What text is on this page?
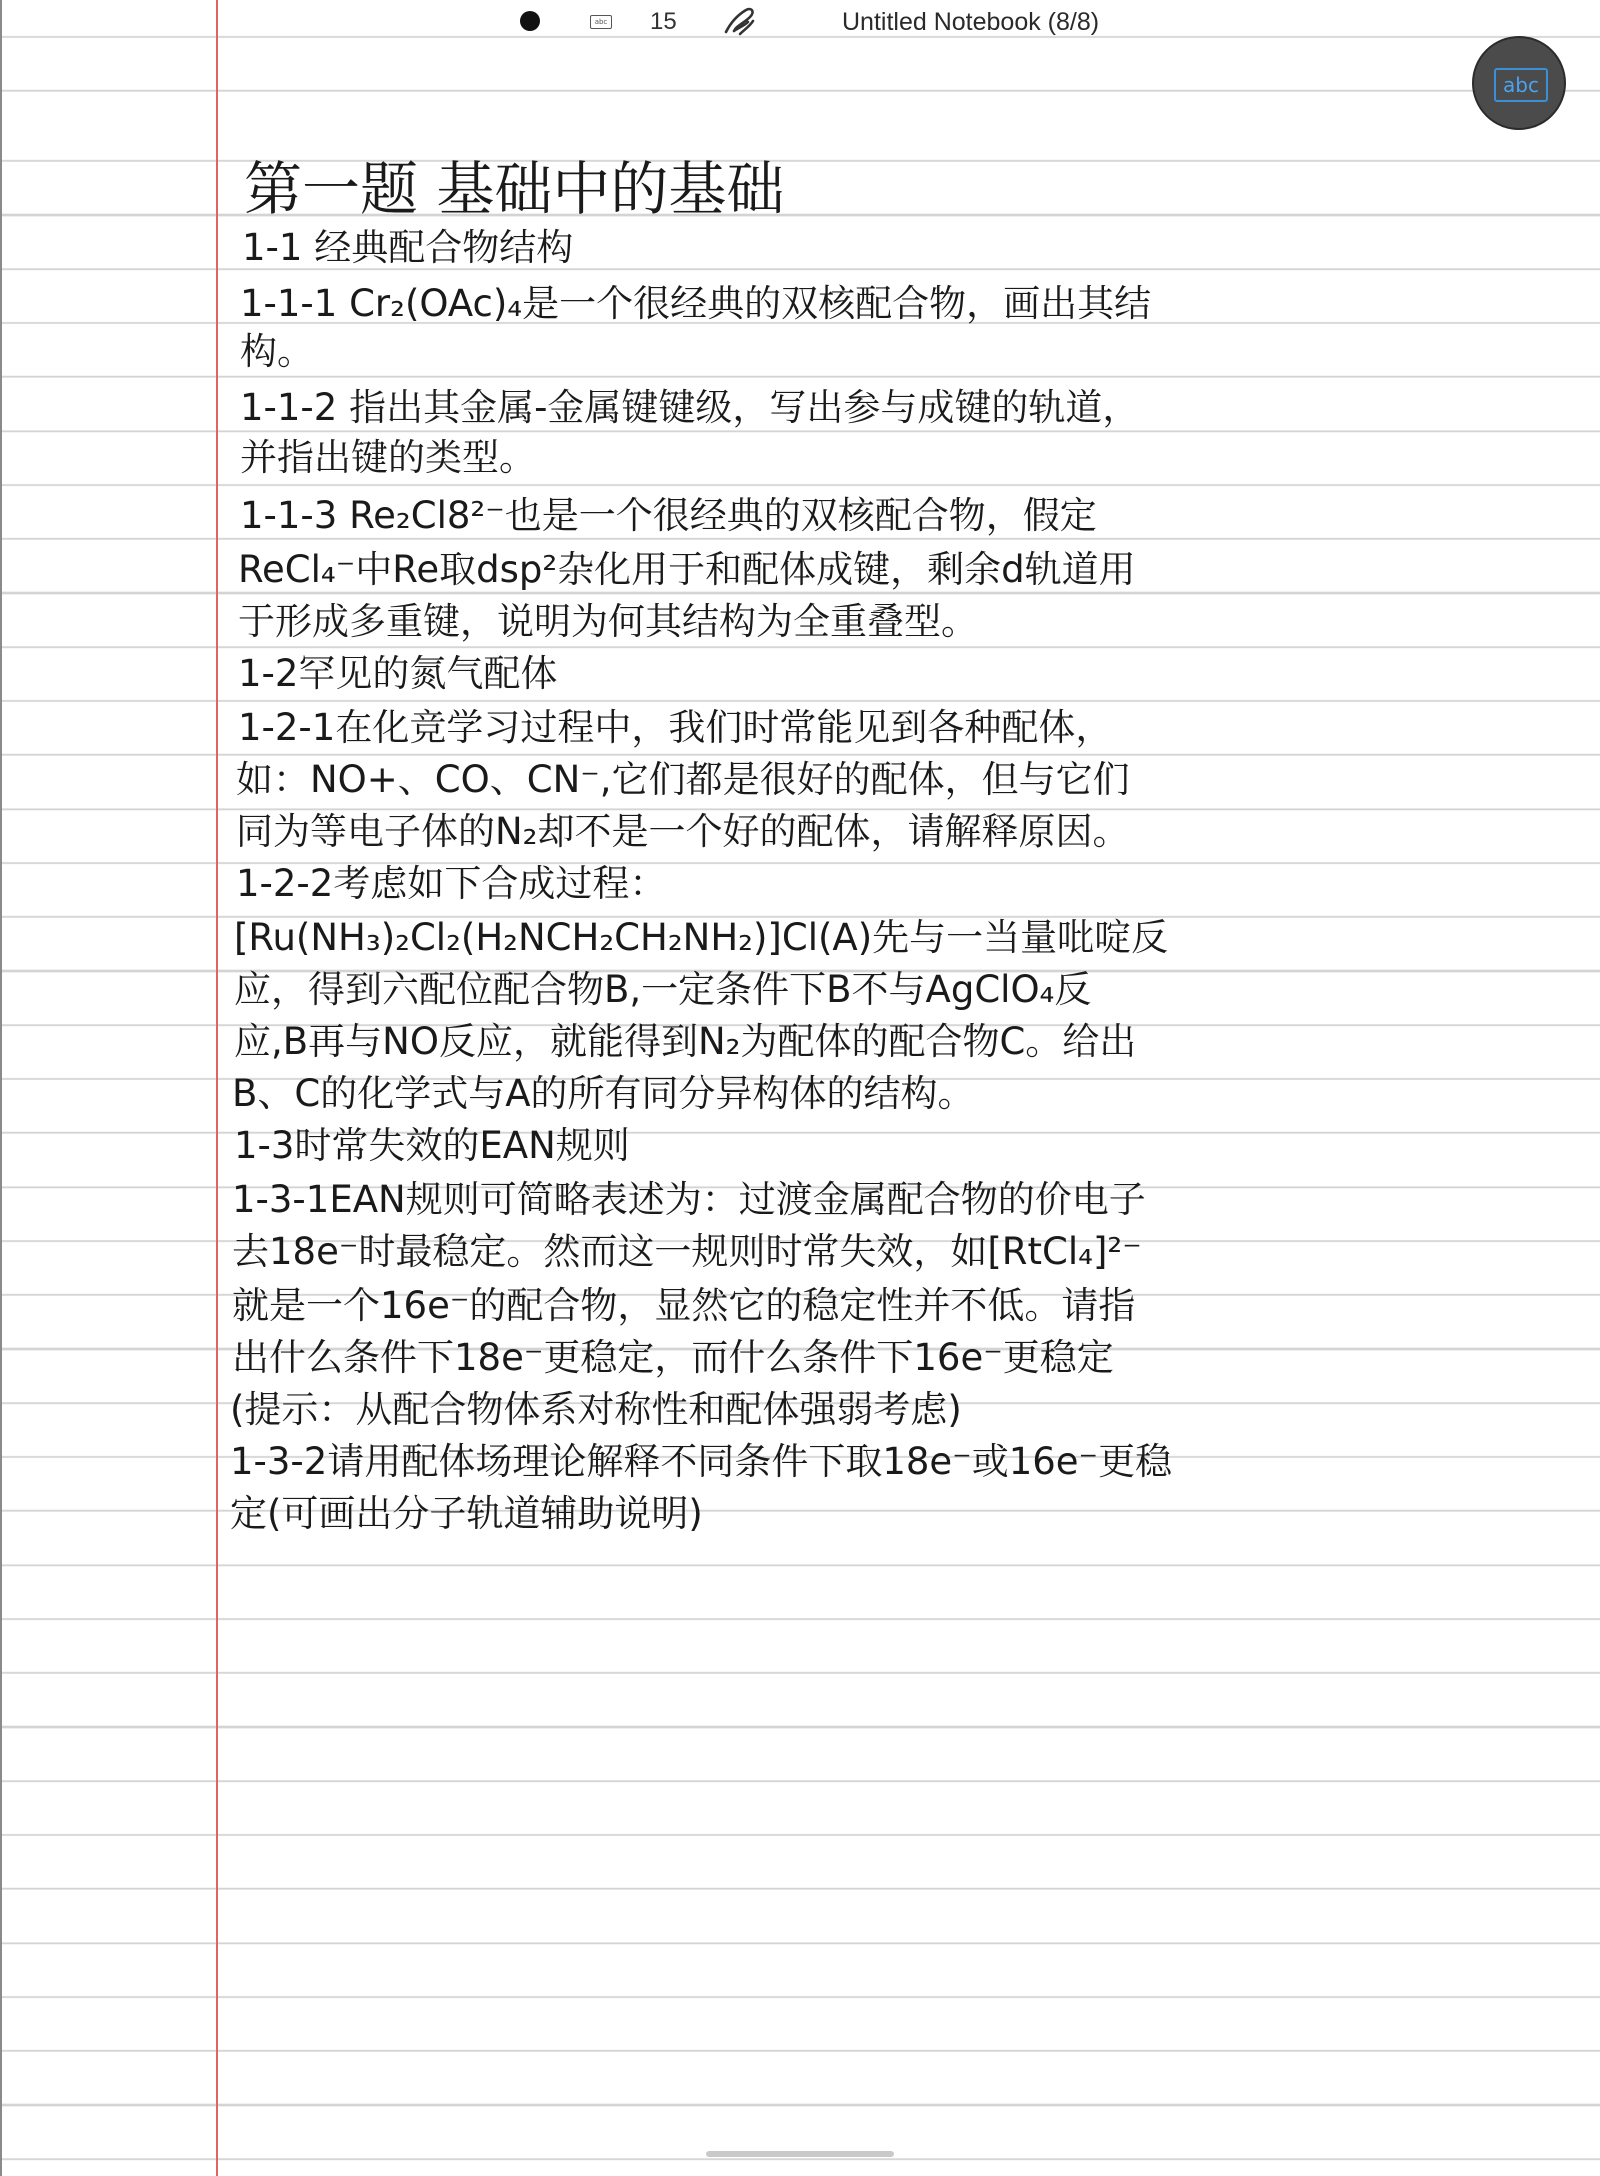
abc 15	Untitled Notebook (8/8)
abc
第一题 基础中的基础
1-1 经典配合物结构
1-1-1 Cr₂(OAc)₄是一个很经典的双核配合物，画出其结
构。
1-1-2 指出其金属-金属键键级，写出参与成键的轨道，
并指出键的类型。
1-1-3 Re₂Cl8²⁻也是一个很经典的双核配合物，假定
ReCl₄⁻中Re取dsp²杂化用于和配体成键，剩余d轨道用
于形成多重键，说明为何其结构为全重叠型。
1-2罕见的氮气配体
1-2-1在化竞学习过程中，我们时常能见到各种配体，
如：NO+、CO、CN⁻,它们都是很好的配体，但与它们
同为等电子体的N₂却不是一个好的配体，请解释原因。
1-2-2考虑如下合成过程：
[Ru(NH₃)₂Cl₂(H₂NCH₂CH₂NH₂)]Cl(A)先与一当量吡啶反
应，得到六配位配合物B,一定条件下B不与AgClO₄反
应,B再与NO反应，就能得到N₂为配体的配合物C。给出
B、C的化学式与A的所有同分异构体的结构。
1-3时常失效的EAN规则
1-3-1EAN规则可简略表述为：过渡金属配合物的价电子
去18e⁻时最稳定。然而这一规则时常失效，如[RtCl₄]²⁻
就是一个16e⁻的配合物，显然它的稳定性并不低。请指
出什么条件下18e⁻更稳定，而什么条件下16e⁻更稳定
(提示：从配合物体系对称性和配体强弱考虑)
1-3-2请用配体场理论解释不同条件下取18e⁻或16e⁻更稳
定(可画出分子轨道辅助说明)
